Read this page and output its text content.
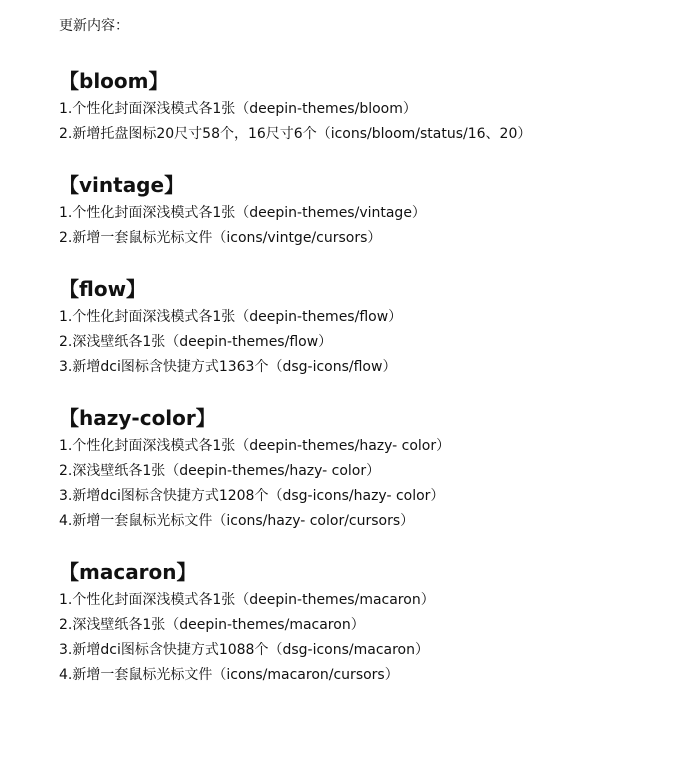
更新内容：
【bloom】
1.个性化封面深浅模式各1张（deepin-themes/bloom）
2.新增托盘图标20尺寸58个，16尺寸6个（icons/bloom/status/16、20）
【vintage】
1.个性化封面深浅模式各1张（deepin-themes/vintage）
2.新增一套鼠标光标文件（icons/vintge/cursors）
【flow】
1.个性化封面深浅模式各1张（deepin-themes/flow）
2.深浅壁纸各1张（deepin-themes/flow）
3.新增dci图标含快捷方式1363个（dsg-icons/flow）
【hazy-color】
1.个性化封面深浅模式各1张（deepin-themes/hazy- color）
2.深浅壁纸各1张（deepin-themes/hazy- color）
3.新增dci图标含快捷方式1208个（dsg-icons/hazy- color）
4.新增一套鼠标光标文件（icons/hazy- color/cursors）
【macaron】
1.个性化封面深浅模式各1张（deepin-themes/macaron）
2.深浅壁纸各1张（deepin-themes/macaron）
3.新增dci图标含快捷方式1088个（dsg-icons/macaron）
4.新增一套鼠标光标文件（icons/macaron/cursors）
